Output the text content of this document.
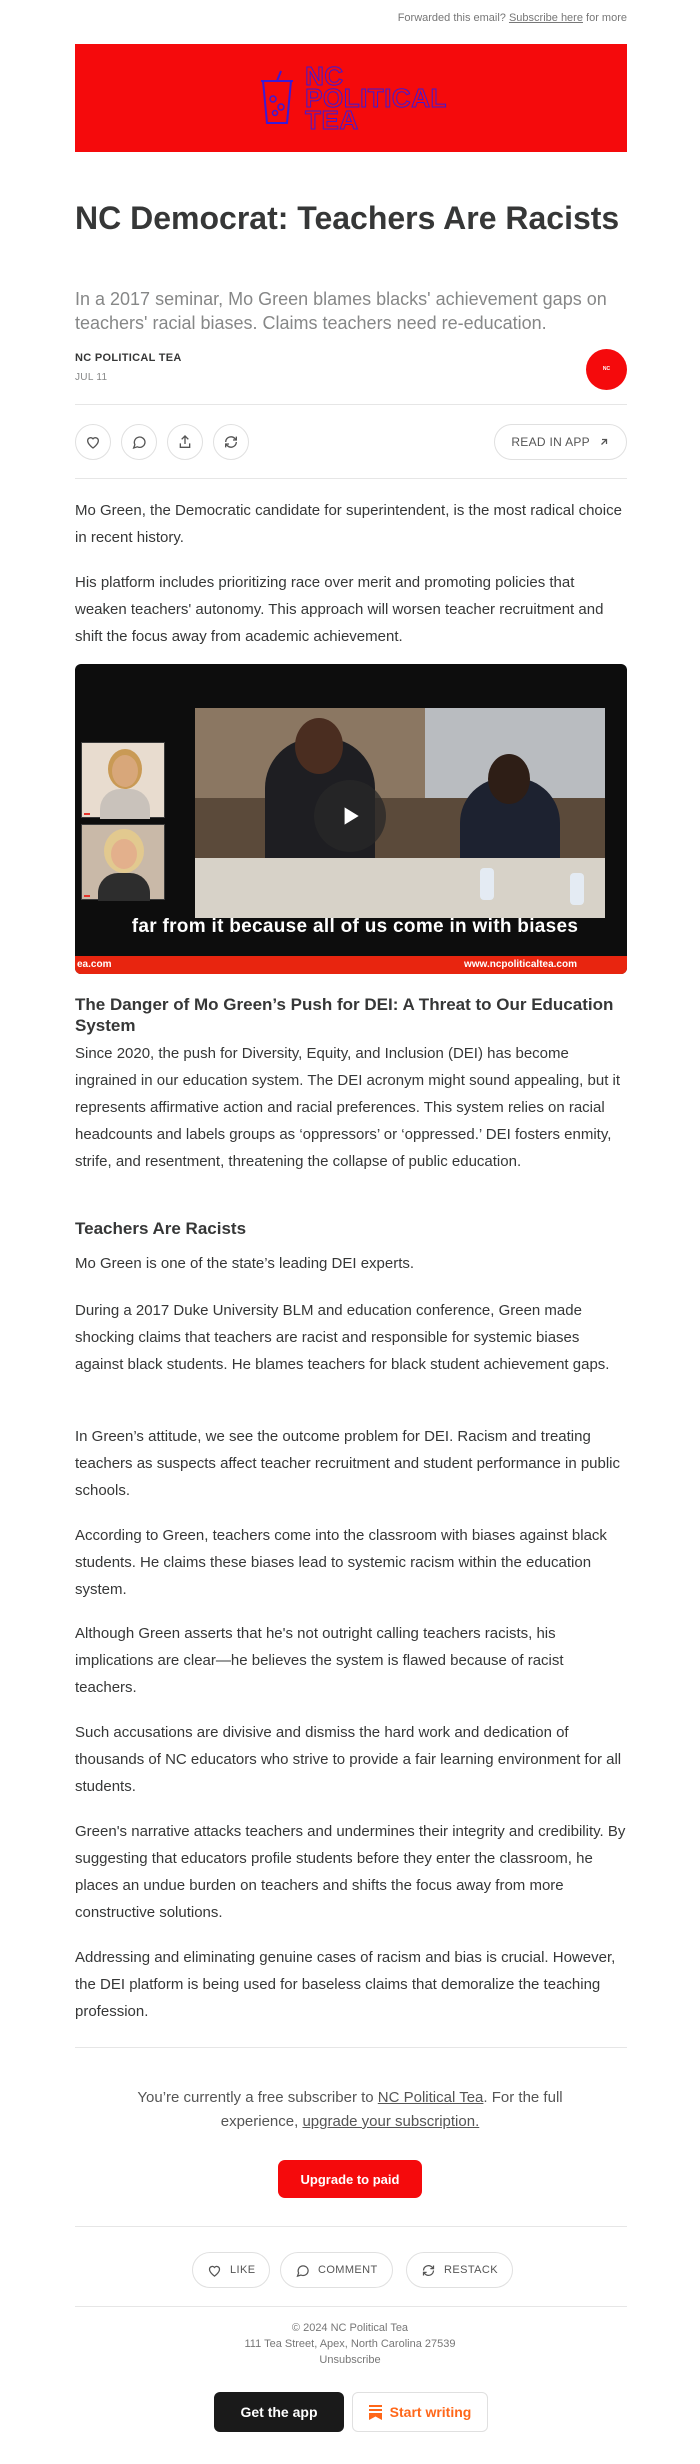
Forwarded this email? Subscribe here for more
NC
POLITICAL
TEA
NC Democrat: Teachers Are Racists

In a 2017 seminar, Mo Green blames blacks' achievement gaps on teachers' racial biases. Claims teachers need re-education.

NC POLITICAL TEA
JUL 11
NC
READ IN APP

Mo Green, the Democratic candidate for superintendent, is the most radical choice in recent history.

His platform includes prioritizing race over merit and promoting policies that weaken teachers' autonomy. This approach will worsen teacher recruitment and shift the focus away from academic achievement.

far from it because all of us come in with biases
ea.com	www.ncpoliticaltea.com
The Danger of Mo Green’s Push for DEI: A Threat to Our Education System

Since 2020, the push for Diversity, Equity, and Inclusion (DEI) has become ingrained in our education system. The DEI acronym might sound appealing, but it represents affirmative action and racial preferences. This system relies on racial headcounts and labels groups as ‘oppressors’ or ‘oppressed.’ DEI fosters enmity, strife, and resentment, threatening the collapse of public education.

Teachers Are Racists

Mo Green is one of the state’s leading DEI experts.

During a 2017 Duke University BLM and education conference, Green made shocking claims that teachers are racist and responsible for systemic biases against black students. He blames teachers for black student achievement gaps.

In Green’s attitude, we see the outcome problem for DEI. Racism and treating teachers as suspects affect teacher recruitment and student performance in public schools.

According to Green, teachers come into the classroom with biases against black students. He claims these biases lead to systemic racism within the education system.

Although Green asserts that he's not outright calling teachers racists, his implications are clear—he believes the system is flawed because of racist teachers.

Such accusations are divisive and dismiss the hard work and dedication of thousands of NC educators who strive to provide a fair learning environment for all students.

Green's narrative attacks teachers and undermines their integrity and credibility. By suggesting that educators profile students before they enter the classroom, he places an undue burden on teachers and shifts the focus away from more constructive solutions.

Addressing and eliminating genuine cases of racism and bias is crucial. However, the DEI platform is being used for baseless claims that demoralize the teaching profession.

You’re currently a free subscriber to NC Political Tea. For the full experience, upgrade your subscription.

Upgrade to paid
LIKE	COMMENT	RESTACK
© 2024 NC Political Tea
111 Tea Street, Apex, North Carolina 27539
Unsubscribe
Get the app	Start writing
